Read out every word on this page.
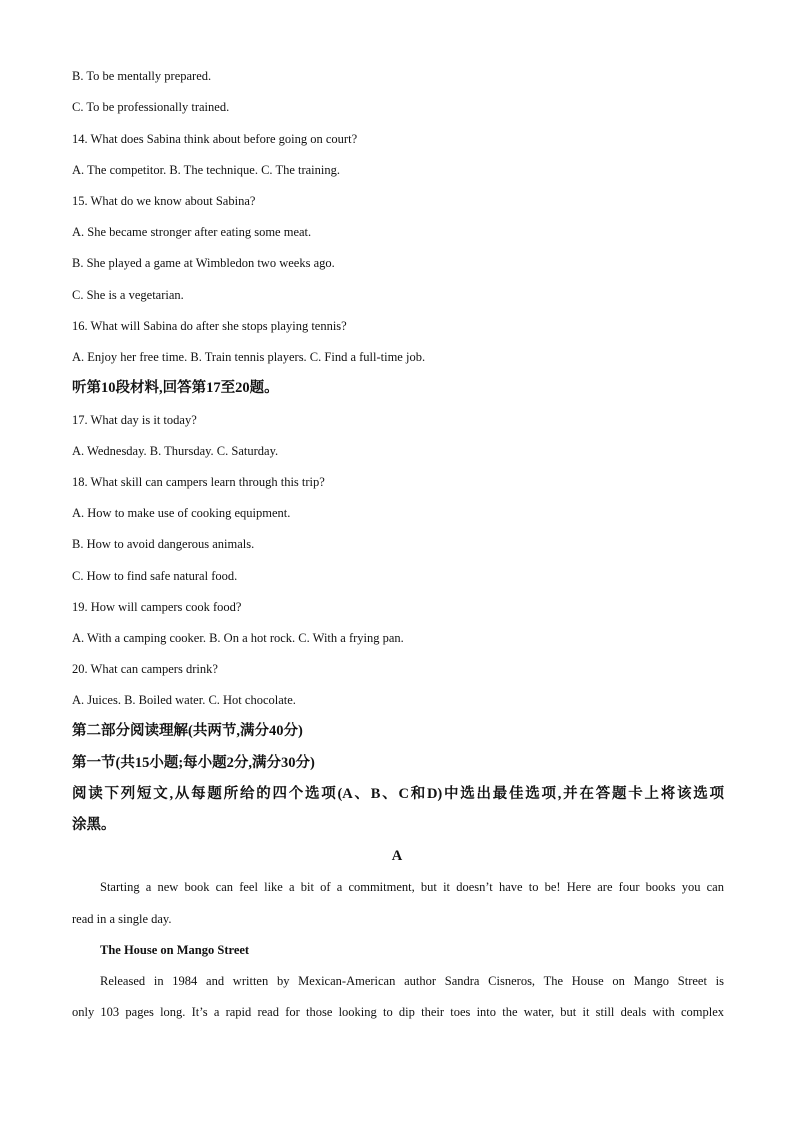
B. To be mentally prepared.
C. To be professionally trained.
14. What does Sabina think about before going on court?
A. The competitor. B. The technique. C. The training.
15. What do we know about Sabina?
A. She became stronger after eating some meat.
B. She played a game at Wimbledon two weeks ago.
C. She is a vegetarian.
16. What will Sabina do after she stops playing tennis?
A. Enjoy her free time. B. Train tennis players. C. Find a full-time job.
听第10段材料,回答第17至20题。
17. What day is it today?
A. Wednesday. B. Thursday. C. Saturday.
18. What skill can campers learn through this trip?
A. How to make use of cooking equipment.
B. How to avoid dangerous animals.
C. How to find safe natural food.
19. How will campers cook food?
A. With a camping cooker. B. On a hot rock. C. With a frying pan.
20. What can campers drink?
A. Juices. B. Boiled water. C. Hot chocolate.
第二部分阅读理解(共两节,满分40分)
第一节(共15小题;每小题2分,满分30分)
阅读下列短文,从每题所给的四个选项(A、B、C和D)中选出最佳选项,并在答题卡上将该选项
涂黑。
A
Starting a new book can feel like a bit of a commitment, but it doesn’t have to be! Here are four books you can
read in a single day.
The House on Mango Street
Released in 1984 and written by Mexican-American author Sandra Cisneros, The House on Mango Street is
only 103 pages long. It’s a rapid read for those looking to dip their toes into the water, but it still deals with complex
